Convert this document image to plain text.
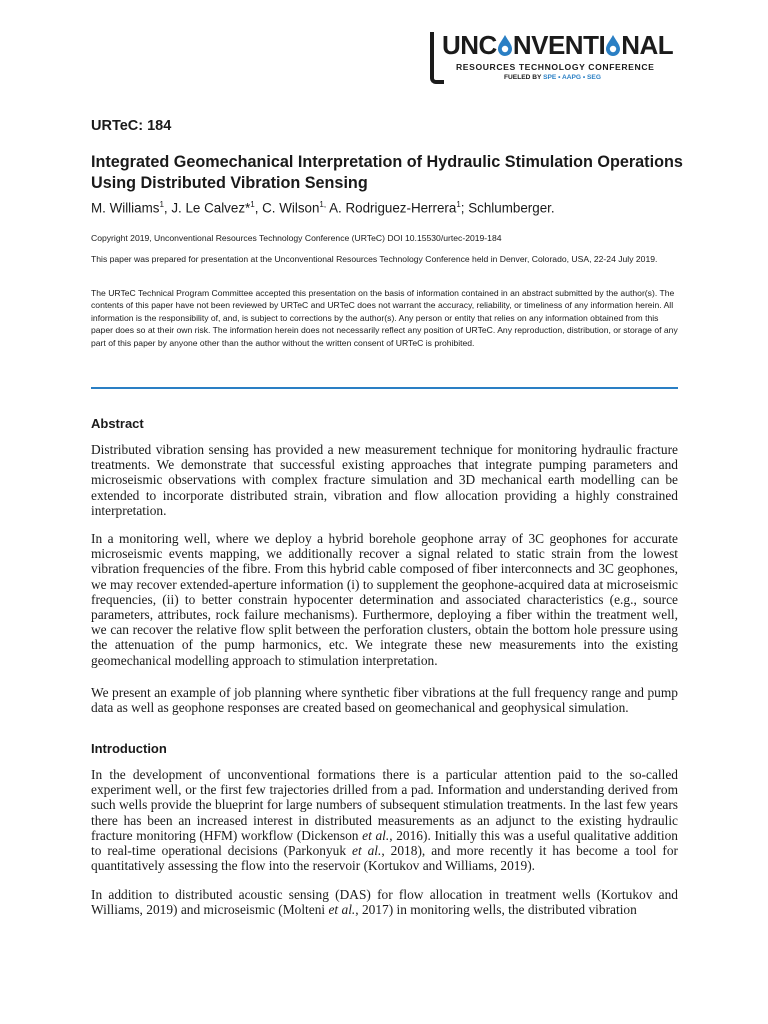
UNC NVENTI NAL
RESOURCES TECHNOLOGY CONFERENCE
FUELED BY SPE • AAPG • SEG
URTeC: 184
Integrated Geomechanical Interpretation of Hydraulic Stimulation Operations Using Distributed Vibration Sensing
M. Williams$^1$, J. Le Calvez*$^1$, C. Wilson$^{1,}$ A. Rodriguez-Herrera$^1$; Schlumberger.
Copyright 2019, Unconventional Resources Technology Conference (URTeC) DOI 10.15530/urtec-2019-184
This paper was prepared for presentation at the Unconventional Resources Technology Conference held in Denver, Colorado, USA, 22-24 July 2019.
The URTeC Technical Program Committee accepted this presentation on the basis of information contained in an abstract submitted by the author(s). The contents of this paper have not been reviewed by URTeC and URTeC does not warrant the accuracy, reliability, or timeliness of any information herein. All information is the responsibility of, and, is subject to corrections by the author(s). Any person or entity that relies on any information obtained from this paper does so at their own risk. The information herein does not necessarily reflect any position of URTeC. Any reproduction, distribution, or storage of any part of this paper by anyone other than the author without the written consent of URTeC is prohibited.
Abstract
Distributed vibration sensing has provided a new measurement technique for monitoring hydraulic fracture treatments. We demonstrate that successful existing approaches that integrate pumping parameters and microseismic observations with complex fracture simulation and 3D mechanical earth modelling can be extended to incorporate distributed strain, vibration and flow allocation providing a highly constrained interpretation.
In a monitoring well, where we deploy a hybrid borehole geophone array of 3C geophones for accurate microseismic events mapping, we additionally recover a signal related to static strain from the lowest vibration frequencies of the fibre. From this hybrid cable composed of fiber interconnects and 3C geophones, we may recover extended-aperture information (i) to supplement the geophone-acquired data at microseismic frequencies, (ii) to better constrain hypocenter determination and associated characteristics (e.g., source parameters, attributes, rock failure mechanisms). Furthermore, deploying a fiber within the treatment well, we can recover the relative flow split between the perforation clusters, obtain the bottom hole pressure using the attenuation of the pump harmonics, etc. We integrate these new measurements into the existing geomechanical modelling approach to stimulation interpretation.
We present an example of job planning where synthetic fiber vibrations at the full frequency range and pump data as well as geophone responses are created based on geomechanical and geophysical simulation.
Introduction
In the development of unconventional formations there is a particular attention paid to the so-called experiment well, or the first few trajectories drilled from a pad. Information and understanding derived from such wells provide the blueprint for large numbers of subsequent stimulation treatments. In the last few years there has been an increased interest in distributed measurements as an adjunct to the existing hydraulic fracture monitoring (HFM) workflow (Dickenson et al., 2016). Initially this was a useful qualitative addition to real-time operational decisions (Parkonyuk et al., 2018), and more recently it has become a tool for quantitatively assessing the flow into the reservoir (Kortukov and Williams, 2019).
In addition to distributed acoustic sensing (DAS) for flow allocation in treatment wells (Kortukov and Williams, 2019) and microseismic (Molteni et al., 2017) in monitoring wells, the distributed vibration
